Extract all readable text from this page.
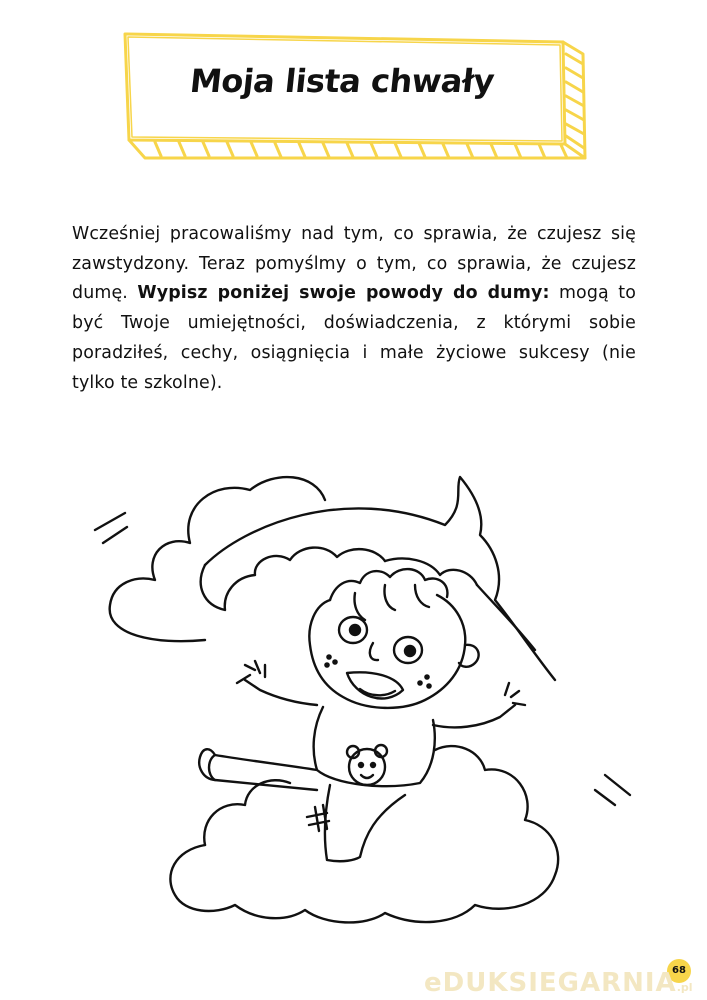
Moja lista chwały

Wcześniej pracowaliśmy nad tym, co sprawia, że czujesz się zawstydzony. Teraz pomyślmy o tym, co sprawia, że czujesz dumę. Wypisz poniżej swoje powody do dumy: mogą to być Twoje umiejętności, doświadczenia, z którymi sobie poradziłeś, cechy, osiągnięcia i małe życiowe sukcesy (nie tylko te szkolne).

68
eDUKSIEGARNIA.pl
